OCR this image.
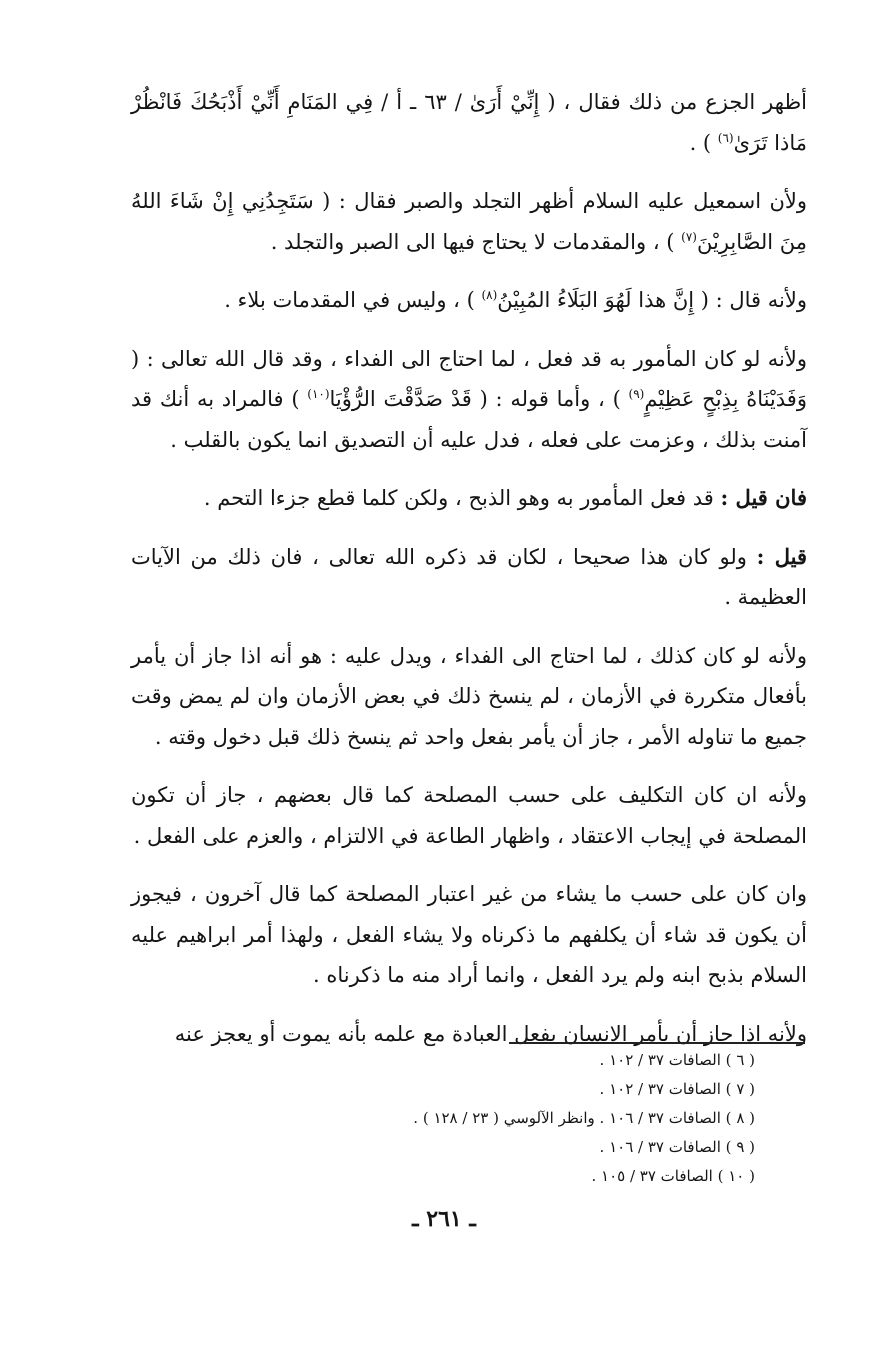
أظهر الجزع من ذلك فقال ، ( إِنِّيْ أَرَىٰ / ٦٣ ـ أ / فِي المَنَامِ أَنِّيْ أَذْبَحُكَ فَانْظُرْ مَاذا تَرَىٰ$^{(٦)}$ ) .

ولأن اسمعيل عليه السلام أظهر التجلد والصبر فقال : ( سَتَجِدُنِي إِنْ شَاءَ اللهُ مِنَ الصَّابِرِيْنَ$^{(٧)}$ ) ، والمقدمات لا يحتاج فيها الى الصبر والتجلد .

ولأنه قال : ( إِنَّ هذا لَهُوَ البَلَاءُ المُبِيْنُ$^{(٨)}$ ) ، وليس في المقدمات بلاء .

ولأنه لو كان المأمور به قد فعل ، لما احتاج الى الفداء ، وقد قال الله تعالى : ( وَفَدَيْنَاهُ بِذِبْحٍ عَظِيْمٍ$^{(٩)}$ ) ، وأما قوله : ( قَدْ صَدَّقْتَ الرُّؤْيَا$^{(١٠)}$ ) فالمراد به أنك قد آمنت بذلك ، وعزمت على فعله ، فدل عليه أن التصديق انما يكون بالقلب .

فان قيل : قد فعل المأمور به وهو الذبح ، ولكن كلما قطع جزءا التحم .

قيل : ولو كان هذا صحيحا ، لكان قد ذكره الله تعالى ، فان ذلك من الآيات العظيمة .

ولأنه لو كان كذلك ، لما احتاج الى الفداء ، ويدل عليه : هو أنه اذا جاز أن يأمر بأفعال متكررة في الأزمان ، لم ينسخ ذلك في بعض الأزمان وان لم يمض وقت جميع ما تناوله الأمر ، جاز أن يأمر بفعل واحد ثم ينسخ ذلك قبل دخول وقته .

ولأنه ان كان التكليف على حسب المصلحة كما قال بعضهم ، جاز أن تكون المصلحة في إيجاب الاعتقاد ، واظهار الطاعة في الالتزام ، والعزم على الفعل .

وان كان على حسب ما يشاء من غير اعتبار المصلحة كما قال آخرون ، فيجوز أن يكون قد شاء أن يكلفهم ما ذكرناه ولا يشاء الفعل ، ولهذا أمر ابراهيم عليه السلام بذبح ابنه ولم يرد الفعل ، وانما أراد منه ما ذكرناه .

ولأنه اذا جاز أن يأمر الانسان بفعل العبادة مع علمه بأنه يموت أو يعجز عنه

( ٦ ) الصافات ٣٧ / ١٠٢ .
( ٧ ) الصافات ٣٧ / ١٠٢ .
( ٨ ) الصافات ٣٧ / ١٠٦ . وانظر الآلوسي ( ٢٣ / ١٢٨ ) .
( ٩ ) الصافات ٣٧ / ١٠٦ .
( ١٠ ) الصافات ٣٧ / ١٠٥ .
ـ ٢٦١ ـ
